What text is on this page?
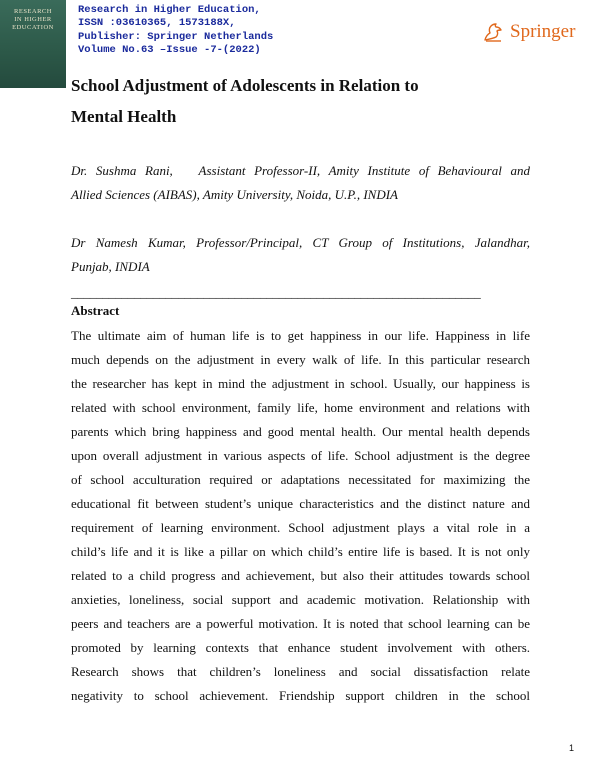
RESEARCH
IN HIGHER
EDUCATION
Research in Higher Education,
ISSN :03610365, 1573188X,
Publisher: Springer Netherlands
Volume No.63 –Issue -7-(2022)
Springer
School Adjustment of Adolescents in Relation to
Mental Health
Dr. Sushma Rani,   Assistant Professor-II, Amity Institute of Behavioural and
Allied Sciences (AIBAS), Amity University, Noida, U.P., INDIA
Dr Namesh Kumar, Professor/Principal, CT Group of Institutions, Jalandhar,
Punjab, INDIA
_________________________________________________________________
Abstract
The ultimate aim of human life is to get happiness in our life. Happiness in life
much depends on the adjustment in every walk of life. In this particular research
the researcher has kept in mind the adjustment in school. Usually, our happiness is
related with school environment, family life, home environment and relations with
parents which bring happiness and good mental health. Our mental health depends
upon overall adjustment in various aspects of life. School adjustment is the degree
of school acculturation required or adaptations necessitated for maximizing the
educational fit between student’s unique characteristics and the distinct nature and
requirement of learning environment. School adjustment plays a vital role in a
child’s life and it is like a pillar on which child’s entire life is based. It is not only
related to a child progress and achievement, but also their attitudes towards school
anxieties, loneliness, social support and academic motivation. Relationship with
peers and teachers are a powerful motivation. It is noted that school learning can be
promoted by learning contexts that enhance student involvement with others.
Research shows that children’s loneliness and social dissatisfaction relate
negativity to school achievement. Friendship support children in the school
1
